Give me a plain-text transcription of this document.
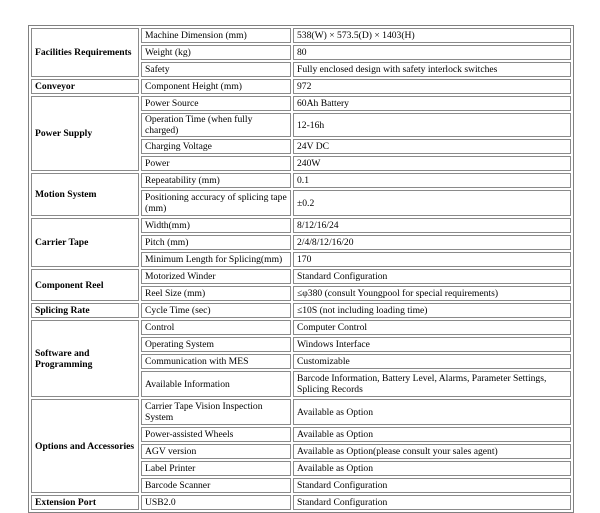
Facilities Requirements	Machine Dimension (mm)	538(W) × 573.5(D) × 1403(H)
	Weight (kg)	80
	Safety	Fully enclosed design with safety interlock switches
Conveyor	Component Height (mm)	972
Power Supply	Power Source	60Ah Battery
	Operation Time (when fully charged)	12-16h
	Charging Voltage	24V DC
	Power	240W
Motion System	Repeatability (mm)	0.1
	Positioning accuracy of splicing tape (mm)	±0.2
Carrier Tape	Width(mm)	8/12/16/24
	Pitch (mm)	2/4/8/12/16/20
	Minimum Length for Splicing(mm)	170
Component Reel	Motorized Winder	Standard Configuration
	Reel Size (mm)	≤φ380 (consult Youngpool for special requirements)
Splicing Rate	Cycle Time (sec)	≤10S (not including loading time)
Software and Programming	Control	Computer Control
	Operating System	Windows Interface
	Communication with MES	Customizable
	Available Information	Barcode Information, Battery Level, Alarms, Parameter Settings, Splicing Records
Options and Accessories	Carrier Tape Vision Inspection System	Available as Option
	Power-assisted Wheels	Available as Option
	AGV version	Available as Option(please consult your sales agent)
	Label Printer	Available as Option
	Barcode Scanner	Standard Configuration
Extension Port	USB2.0	Standard Configuration
